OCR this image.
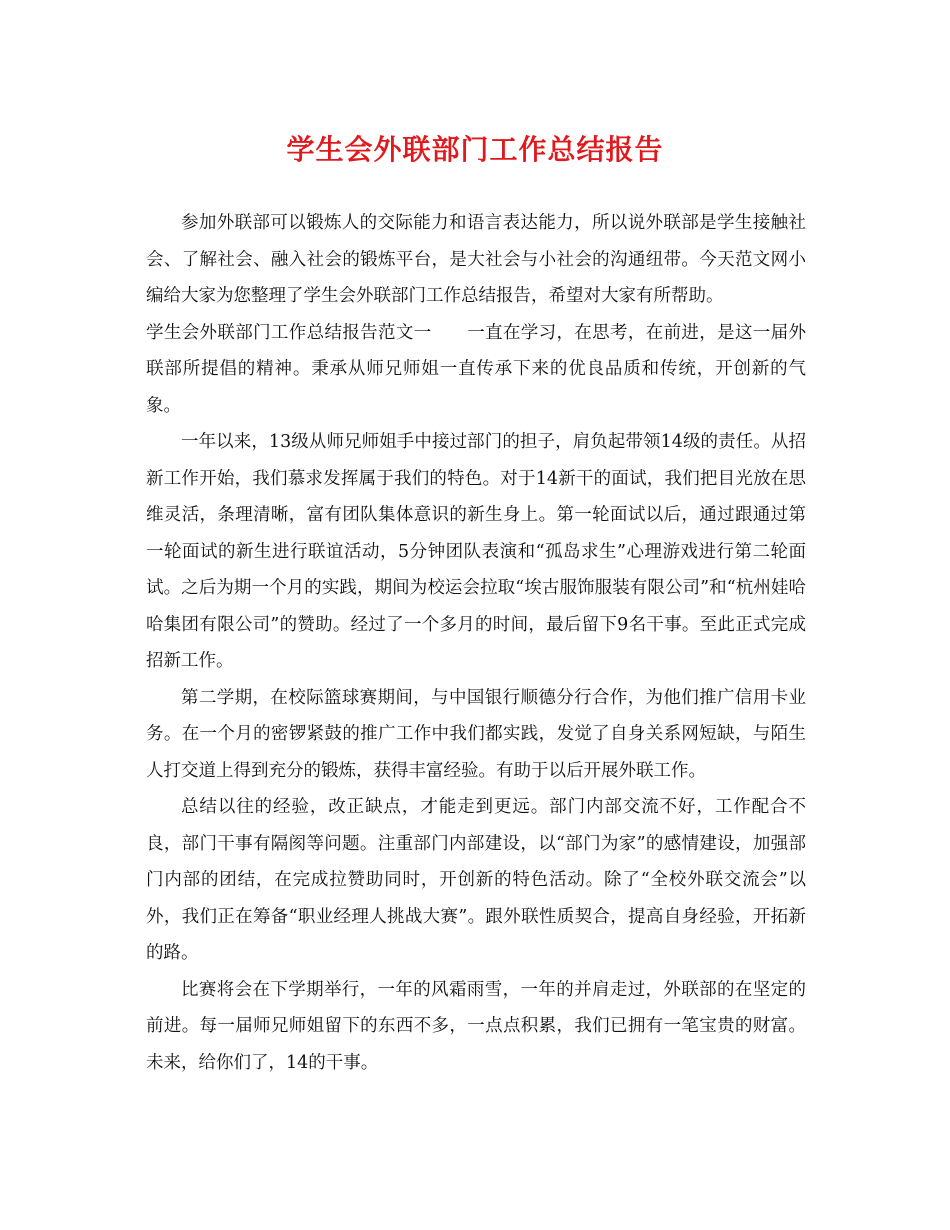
学生会外联部门工作总结报告

参加外联部可以锻炼人的交际能力和语言表达能力，所以说外联部是学生接触社会、了解社会、融入社会的锻炼平台，是大社会与小社会的沟通纽带。今天范文网小编给大家为您整理了学生会外联部门工作总结报告，希望对大家有所帮助。

学生会外联部门工作总结报告范文一　　一直在学习，在思考，在前进，是这一届外联部所提倡的精神。秉承从师兄师姐一直传承下来的优良品质和传统，开创新的气象。

一年以来，13级从师兄师姐手中接过部门的担子，肩负起带领14级的责任。从招新工作开始，我们慕求发挥属于我们的特色。对于14新干的面试，我们把目光放在思维灵活，条理清晰，富有团队集体意识的新生身上。第一轮面试以后，通过跟通过第一轮面试的新生进行联谊活动，5分钟团队表演和“孤岛求生”心理游戏进行第二轮面试。之后为期一个月的实践，期间为校运会拉取“埃古服饰服装有限公司”和“杭州娃哈哈集团有限公司”的赞助。经过了一个多月的时间，最后留下9名干事。至此正式完成招新工作。

第二学期，在校际篮球赛期间，与中国银行顺德分行合作，为他们推广信用卡业务。在一个月的密锣紧鼓的推广工作中我们都实践，发觉了自身关系网短缺，与陌生人打交道上得到充分的锻炼，获得丰富经验。有助于以后开展外联工作。

总结以往的经验，改正缺点，才能走到更远。部门内部交流不好，工作配合不良，部门干事有隔阂等问题。注重部门内部建设，以“部门为家”的感情建设，加强部门内部的团结，在完成拉赞助同时，开创新的特色活动。除了“全校外联交流会”以外，我们正在筹备“职业经理人挑战大赛”。跟外联性质契合，提高自身经验，开拓新的路。

比赛将会在下学期举行，一年的风霜雨雪，一年的并肩走过，外联部的在坚定的前进。每一届师兄师姐留下的东西不多，一点点积累，我们已拥有一笔宝贵的财富。未来，给你们了，14的干事。
